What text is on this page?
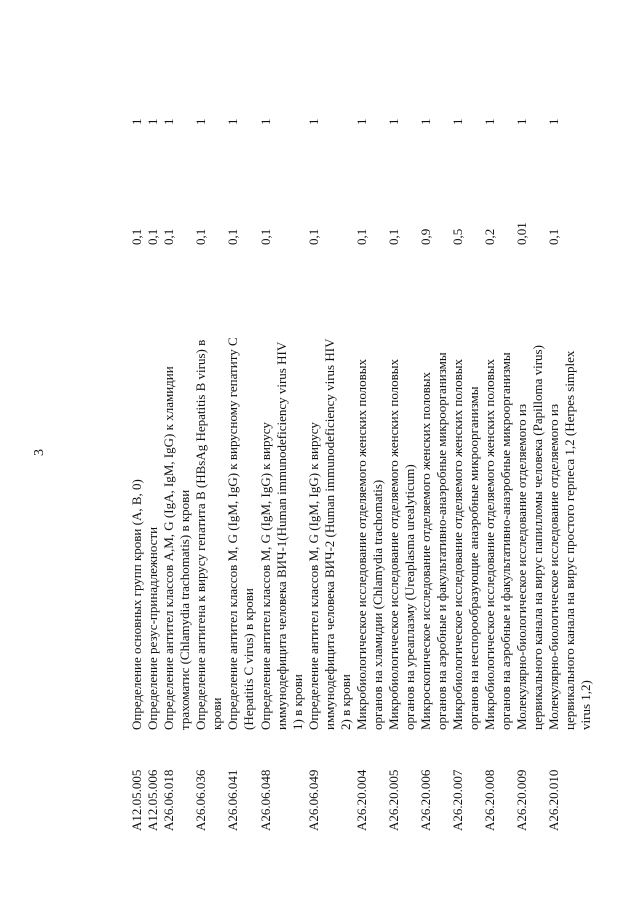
3
A12.05.005
Определение основных групп крови (A, B, 0)
0,1
1
A12.05.006
Определение резус-принадлежности
0,1
1
A26.06.018
Определение антител классов A,M, G (IgA, IgM, IgG) к хламидии трахоматис (Chlamydia trachomatis) в крови
0,1
1
A26.06.036
Определение антигена к вирусу гепатита B (HBsAg Hepatitis B virus) в крови
0,1
1
A26.06.041
Определение антител классов M, G (IgM, IgG) к вирусному гепатиту C (Hepatitis C virus) в крови
0,1
1
A26.06.048
Определение антител классов M, G (IgM, IgG) к вирусу иммунодефицита человека ВИЧ-1(Human immunodeficiency virus HIV 1) в крови
0,1
1
A26.06.049
Определение антител классов M, G (IgM, IgG) к вирусу иммунодефицита человека ВИЧ-2 (Human immunodeficiency virus HIV 2) в крови
0,1
1
A26.20.004
Микробиологическое исследование отделяемого женских половых органов на хламидии (Chlamydia trachomatis)
0,1
1
A26.20.005
Микробиологическое исследование отделяемого женских половых органов на уреаплазму (Ureaplasma urealyticum)
0,1
1
A26.20.006
Микроскопическое исследование отделяемого женских половых органов на аэробные и факультативно-анаэробные микроорганизмы
0,9
1
A26.20.007
Микробиологическое исследование отделяемого женских половых органов на неспорообразующие анаэробные микроорганизмы
0,5
1
A26.20.008
Микробиологическое исследование отделяемого женских половых органов на аэробные и факультативно-анаэробные микроорганизмы
0,2
1
A26.20.009
Молекулярно-биологическое исследование отделяемого из цервикального канала на вирус папилломы человека (Papilloma virus)
0,01
1
A26.20.010
Молекулярно-биологическое исследование отделяемого из цервикального канала на вирус простого герпеса 1,2 (Herpes simplex virus 1,2)
0,1
1
